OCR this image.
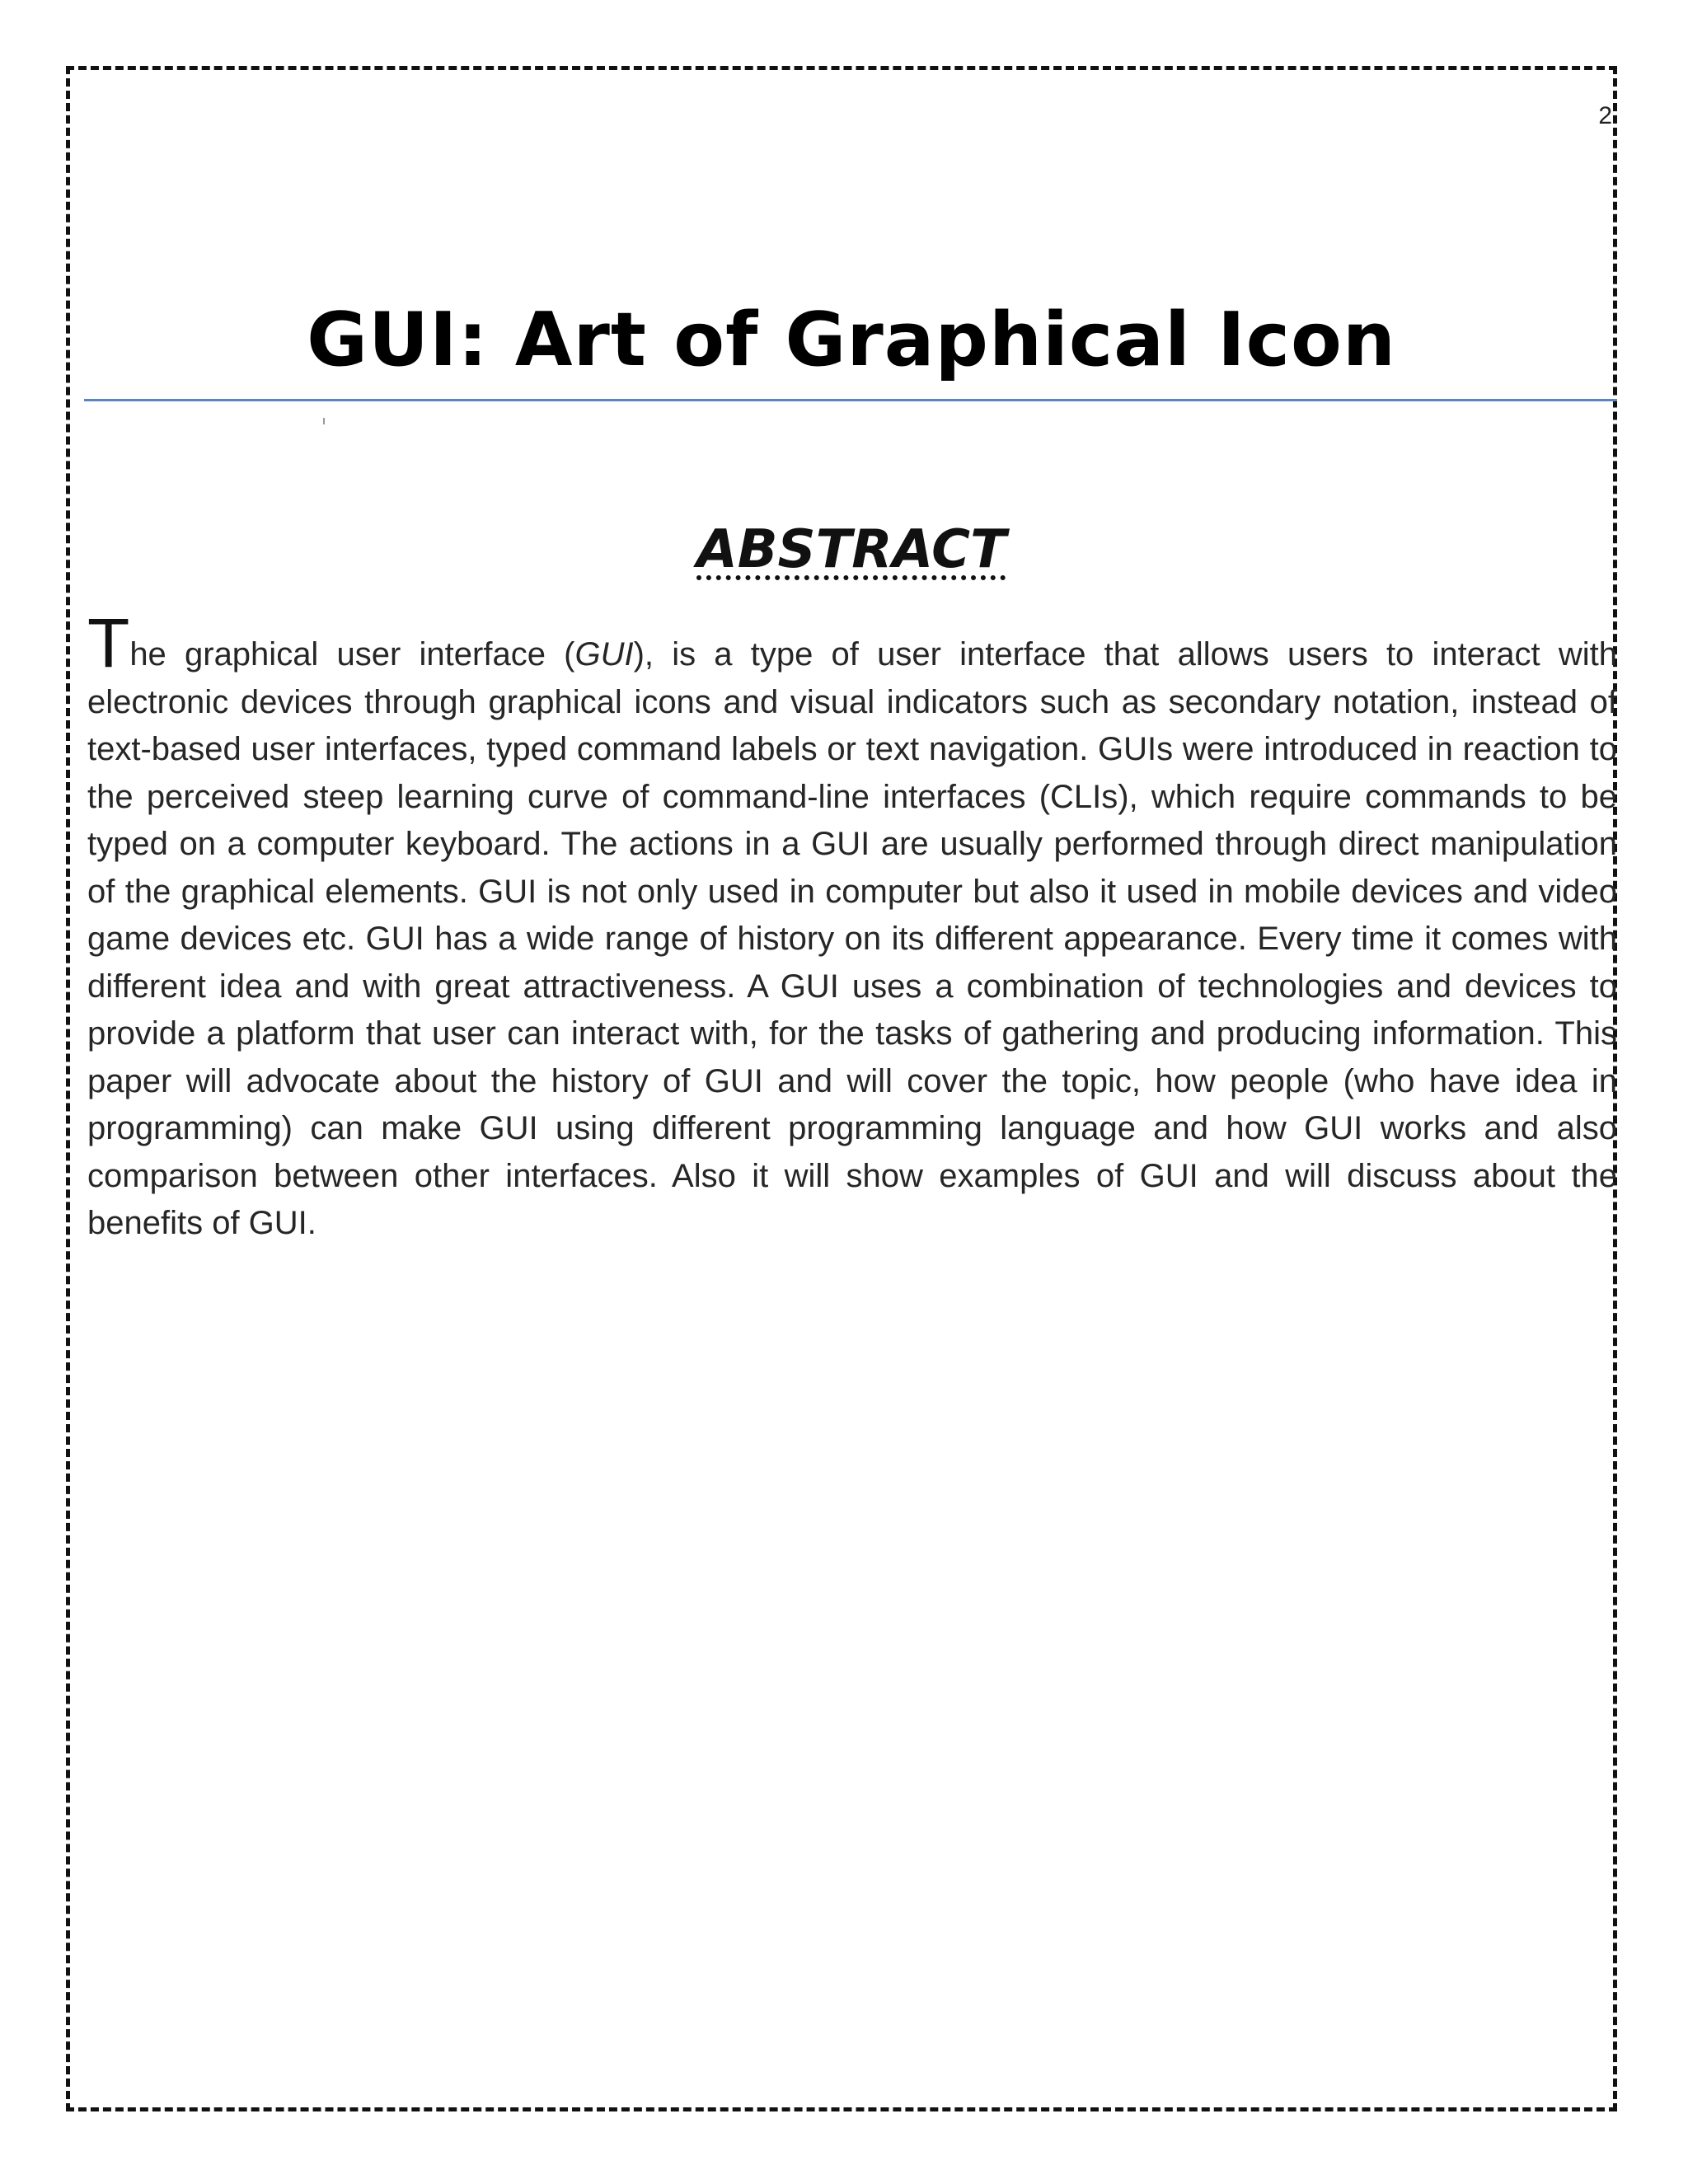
2
GUI: Art of Graphical Icon
ABSTRACT

The graphical user interface (GUI), is a type of user interface that allows users to interact with electronic devices through graphical icons and visual indicators such as secondary notation, instead of text-based user interfaces, typed command labels or text navigation. GUIs were introduced in reaction to the perceived steep learning curve of command-line interfaces (CLIs), which require commands to be typed on a computer keyboard. The actions in a GUI are usually performed through direct manipulation of the graphical elements. GUI is not only used in computer but also it used in mobile devices and video game devices etc. GUI has a wide range of history on its different appearance. Every time it comes with different idea and with great attractiveness. A GUI uses a combination of technologies and devices to provide a platform that user can interact with, for the tasks of gathering and producing information. This paper will advocate about the history of GUI and will cover the topic, how people (who have idea in programming) can make GUI using different programming language and how GUI works and also comparison between other interfaces. Also it will show examples of GUI and will discuss about the benefits of GUI.
